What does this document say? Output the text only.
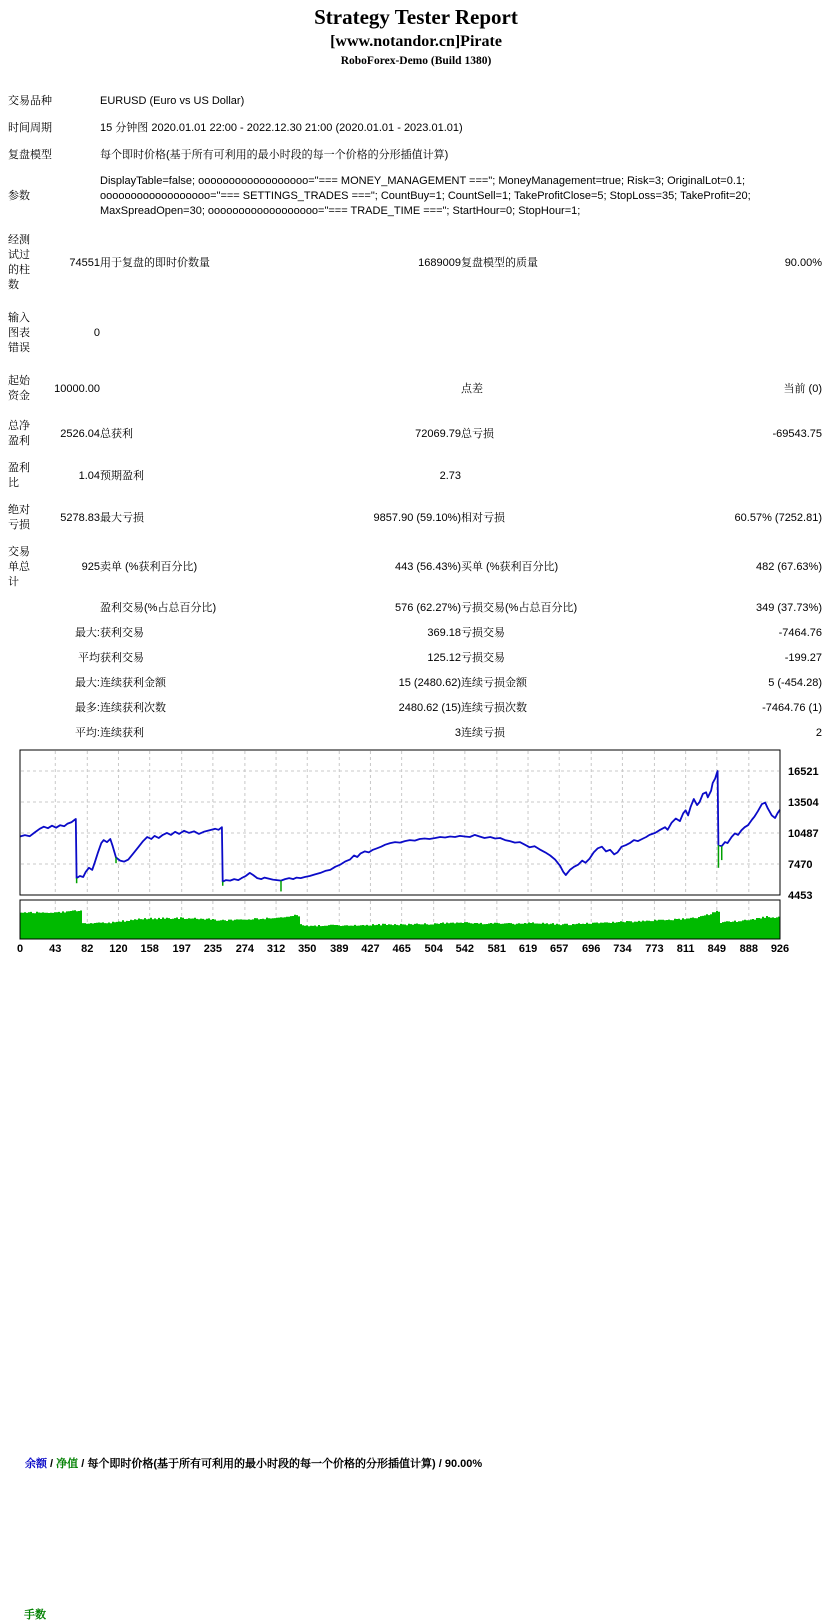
Strategy Tester Report
[www.notandor.cn]Pirate
RoboForex-Demo (Build 1380)
交易品种		EURUSD (Euro vs US Dollar)			
时间周期		15 分钟图 2020.01.01 22:00 - 2022.12.30 21:00 (2020.01.01 - 2023.01.01)			
复盘模型		每个即时价格(基于所有可利用的最小时段的每一个价格的分形插值计算)			
参数		DisplayTable=false; oooooooooooooooooo="=== MONEY_MANAGEMENT ==="; MoneyManagement=true; Risk=3; OriginalLot=0.1; oooooooooooooooooo="=== SETTINGS_TRADES ==="; CountBuy=1; CountSell=1; TakeProfitClose=5; StopLoss=35; TakeProfit=20; MaxSpreadOpen=30; oooooooooooooooooo="=== TRADE_TIME ==="; StartHour=0; StopHour=1;			
经测试过的柱数	74551	用于复盘的即时价数量	1689009	复盘模型的质量	90.00%
输入图表错误	0				
起始资金	10000.00			点差	当前 (0)
总净盈利	2526.04	总获利	72069.79	总亏损	-69543.75
盈利比	1.04	预期盈利	2.73		
绝对亏损	5278.83	最大亏损	9857.90 (59.10%)	相对亏损	60.57% (7252.81)
交易单总计	925	卖单 (%获利百分比)	443 (56.43%)	买单 (%获利百分比)	482 (67.63%)
		盈利交易(%占总百分比)	576 (62.27%)	亏损交易(%占总百分比)	349 (37.73%)
	最大:	获利交易	369.18	亏损交易	-7464.76
	平均	获利交易	125.12	亏损交易	-199.27
	最大:	连续获利金额	15 (2480.62)	连续亏损金额	5 (-454.28)
	最多:	连续获利次数	2480.62 (15)	连续亏损次数	-7464.76 (1)
	平均:	连续获利	3	连续亏损	2
16521
13504
10487
7470
4453
0 43 82 120 158 197 235 274 312 350 389 427 465 504 542 581 619 657 696 734 773 811 849 888 926
余额 / 净值 / 每个即时价格(基于所有可利用的最小时段的每一个价格的分形插值计算) / 90.00%
手数
